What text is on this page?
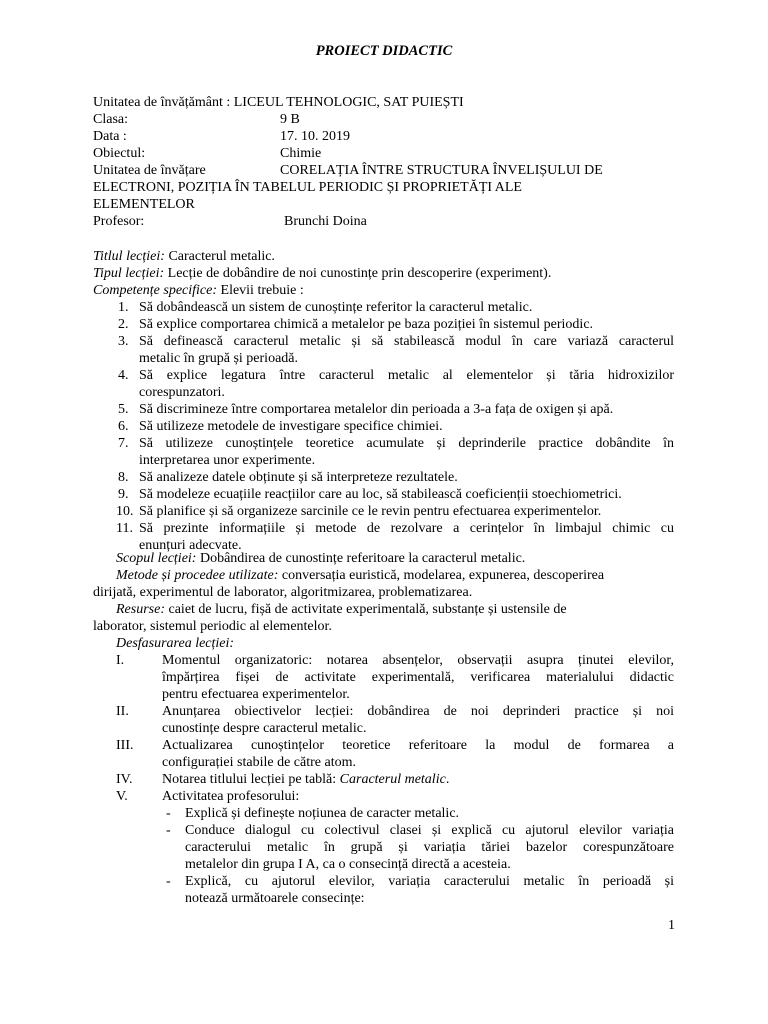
PROIECT DIDACTIC
Unitatea de învățământ : LICEUL TEHNOLOGIC, SAT PUIEȘTI
Clasa:	9 B
Data :	17. 10. 2019
Obiectul:	Chimie
Unitatea de învățare	CORELAȚIA ÎNTRE STRUCTURA ÎNVELIȘULUI DE
ELECTRONI, POZIȚIA ÎN TABELUL PERIODIC ȘI PROPRIETĂȚI ALE
ELEMENTELOR
Profesor:	Brunchi Doina
Titlul lecției: Caracterul metalic.
Tipul lecției: Lecție de dobândire de noi cunostințe prin descoperire (experiment).
Competențe specifice: Elevii trebuie :
1. Să dobândească un sistem de cunoștințe referitor la caracterul metalic.
2. Să explice comportarea chimică a metalelor pe baza poziției în sistemul periodic.
3. Să definească caracterul metalic și să stabilească modul în care variază caracterul
metalic în grupă și perioadă.
4. Să explice legatura între caracterul metalic al elementelor și tăria hidroxizilor
corespunzatori.
5. Să discrimineze între comportarea metalelor din perioada a 3-a fața de oxigen și apă.
6. Să utilizeze metodele de investigare specifice chimiei.
7. Să utilizeze cunoștințele teoretice acumulate și deprinderile practice dobândite în
interpretarea unor experimente.
8. Să analizeze datele obținute și să interpreteze rezultatele.
9. Să modeleze ecuațiile reacțiilor care au loc, să stabilească coeficienții stoechiometrici.
10. Să planifice și să organizeze sarcinile ce le revin pentru efectuarea experimentelor.
11. Să prezinte informațiile și metode de rezolvare a cerințelor în limbajul chimic cu
enunțuri adecvate.
Scopul lecției: Dobândirea de cunostințe referitoare la caracterul metalic.
Metode și procedee utilizate: conversația euristică, modelarea, expunerea, descoperirea
dirijată, experimentul de laborator, algoritmizarea, problematizarea.
Resurse: caiet de lucru, fișă de activitate experimentală, substanțe și ustensile de
laborator, sistemul periodic al elementelor.
Desfasurarea lecției:
I.	Momentul organizatoric: notarea absențelor, observații asupra ținutei elevilor,
împărțirea fișei de activitate experimentală, verificarea materialului didactic
pentru efectuarea experimentelor.
II. Anunțarea obiectivelor lecției: dobândirea de noi deprinderi practice și noi
cunostințe despre caracterul metalic.
III. Actualizarea cunoștințelor teoretice referitoare la modul de formarea a
configurației stabile de către atom.
IV. Notarea titlului lecției pe tablă: Caracterul metalic.
V. Activitatea profesorului:
- Explică și definește noțiunea de caracter metalic.
- Conduce dialogul cu colectivul clasei și explică cu ajutorul elevilor variația
caracterului metalic în grupă și variația tăriei bazelor corespunzătoare
metalelor din grupa I A, ca o consecință directă a acesteia.
- Explică, cu ajutorul elevilor, variația caracterului metalic în perioadă și
notează următoarele consecințe:
1
